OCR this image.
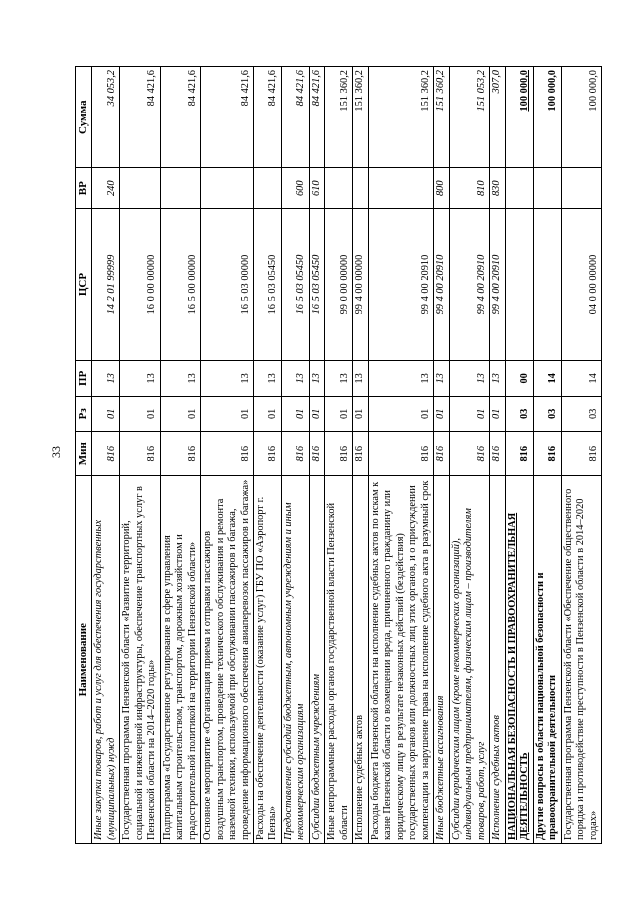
33
Наименование	Мин	Рз	ПР	ЦСР	ВР	Сумма
Иные закупки товаров, работ и услуг для обеспечения государственных (муниципальных) нужд	816	01	13	14 2 01 99999	240	34 053,2
Государственная программа Пензенской области «Развитие территорий, социальной и инженерной инфраструктуры, обеспечение транспортных услуг в Пензенской области на 2014–2020 годы»	816	01	13	16 0 00 00000		84 421,6
Подпрограмма «Государственное регулирование в сфере управления капитальным строительством, транспортом, дорожным хозяйством и градостроительной политикой на территории Пензенской области»	816	01	13	16 5 00 00000		84 421,6
Основное мероприятие «Организация приема и отправки пассажиров воздушным транспортом, проведение технического обслуживания и ремонта наземной техники, используемой при обслуживании пассажиров и багажа, проведение информационного обеспечения авиаперевозок пассажиров и багажа»	816	01	13	16 5 03 00000		84 421,6
Расходы на обеспечение деятельности (оказание услуг) ГБУ ПО «Аэропорт г. Пензы»	816	01	13	16 5 03 05450		84 421,6
Предоставление субсидий бюджетным, автономным учреждениям и иным некоммерческим организациям	816	01	13	16 5 03 05450	600	84 421,6
Субсидии бюджетным учреждениям	816	01	13	16 5 03 05450	610	84 421,6
Иные непрограммные расходы органов государственной власти Пензенской области	816	01	13	99 0 00 00000		151 360,2
Исполнение судебных актов	816	01	13	99 4 00 00000		151 360,2
Расходы бюджета Пензенской области на исполнение судебных актов по искам к казне Пензенской области о возмещении вреда, причиненного гражданину или юридическому лицу в результате незаконных действий (бездействия) государственных органов или должностных лиц этих органов, и о присуждении компенсации за нарушение права на исполнение судебного акта в разумный срок	816	01	13	99 4 00 20910		151 360,2
Иные бюджетные ассигнования	816	01	13	99 4 00 20910	800	151 360,2
Субсидии юридическим лицам (кроме некоммерческих организаций), индивидуальным предпринимателям, физическим лицам – производителям товаров, работ, услуг	816	01	13	99 4 00 20910	810	151 053,2
Исполнение судебных актов	816	01	13	99 4 00 20910	830	307,0
НАЦИОНАЛЬНАЯ БЕЗОПАСНОСТЬ И ПРАВООХРАНИТЕЛЬНАЯ ДЕЯТЕЛЬНОСТЬ	816	03	00			100 000,0
Другие вопросы в области национальной безопасности и правоохранительной деятельности	816	03	14			100 000,0
Государственная программа Пензенской области «Обеспечение общественного порядка и противодействие преступности в Пензенской области в 2014–2020 годах»	816	03	14	04 0 00 00000		100 000,0
